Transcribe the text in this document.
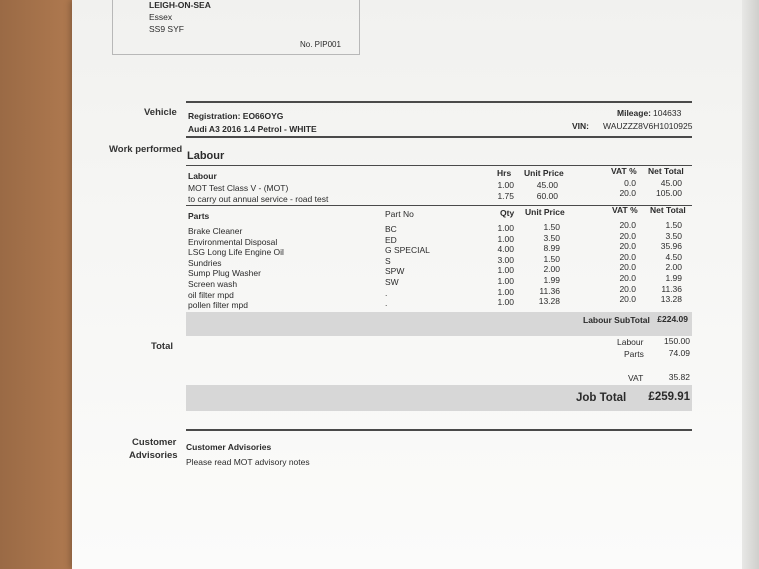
LEIGH-ON-SEA
Essex
SS9 SYF
No. PIP001
Vehicle Registration: EO66OYG
Audi A3 2016 1.4 Petrol - WHITE
Mileage: 104633
VIN: WAUZZZ8V6H1010925
Work performed
Labour
Labour	Hrs Unit Price	VAT % Net Total
MOT Test Class V - (MOT)	1.00	45.00	0.0	45.00
to carry out annual service - road test	1.75	60.00	20.0	105.00
Parts	Part No	Qty Unit Price	VAT % Net Total
Brake Cleaner	BC	1.00	1.50	20.0	1.50
Environmental Disposal	ED	1.00	3.50	20.0	3.50
LSG Long Life Engine Oil	G SPECIAL	4.00	8.99	20.0	35.96
Sundries	S	3.00	1.50	20.0	4.50
Sump Plug Washer	SPW	1.00	2.00	20.0	2.00
Screen wash	SW	1.00	1.99	20.0	1.99
oil filter mpd	.	1.00	11.36	20.0	11.36
pollen filter mpd	.	1.00	13.28	20.0	13.28
Labour SubTotal £224.09
Total	Labour	150.00
Parts	74.09
VAT	35.82
Job Total £259.91
Customer
Advisories
Customer Advisories
Please read MOT advisory notes
